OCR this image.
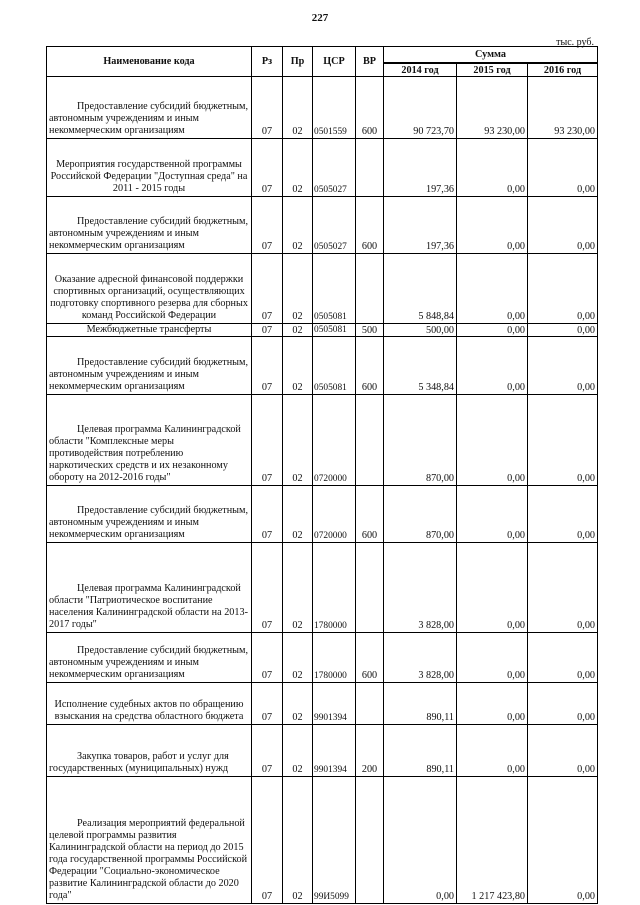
227
тыс. руб.
Наименование кода	Рз	Пр	ЦСР	ВР	Сумма		
					2014 год	2015 год	2016 год
Предоставление субсидий бюджетным, автономным учреждениям и иным некоммерческим организациям	07	02	0501559	600	90 723,70	93 230,00	93 230,00
Мероприятия государственной программы Российской Федерации "Доступная среда" на 2011 - 2015 годы	07	02	0505027		197,36	0,00	0,00
Предоставление субсидий бюджетным, автономным учреждениям и иным некоммерческим организациям	07	02	0505027	600	197,36	0,00	0,00
Оказание адресной финансовой поддержки спортивных организаций, осуществляющих подготовку спортивного резерва для сборных команд Российской Федерации	07	02	0505081		5 848,84	0,00	0,00
Межбюджетные трансферты	07	02	0505081	500	500,00	0,00	0,00
Предоставление субсидий бюджетным, автономным учреждениям и иным некоммерческим организациям	07	02	0505081	600	5 348,84	0,00	0,00
Целевая программа Калининградской области "Комплексные меры противодействия потреблению наркотических средств и их незаконному обороту на 2012-2016 годы"	07	02	0720000		870,00	0,00	0,00
Предоставление субсидий бюджетным, автономным учреждениям и иным некоммерческим организациям	07	02	0720000	600	870,00	0,00	0,00
Целевая программа Калининградской области "Патриотическое воспитание населения Калининградской области на 2013-2017 годы"	07	02	1780000		3 828,00	0,00	0,00
Предоставление субсидий бюджетным, автономным учреждениям и иным некоммерческим организациям	07	02	1780000	600	3 828,00	0,00	0,00
Исполнение судебных актов по обращению взыскания на средства областного бюджета	07	02	9901394		890,11	0,00	0,00
Закупка товаров, работ и услуг для государственных (муниципальных) нужд	07	02	9901394	200	890,11	0,00	0,00
Реализация мероприятий федеральной целевой программы развития Калининградской области на период до 2015 года государственной программы Российской Федерации "Социально-экономическое развитие Калининградской области до 2020 года"	07	02	99И5099		0,00	1 217 423,80	0,00
